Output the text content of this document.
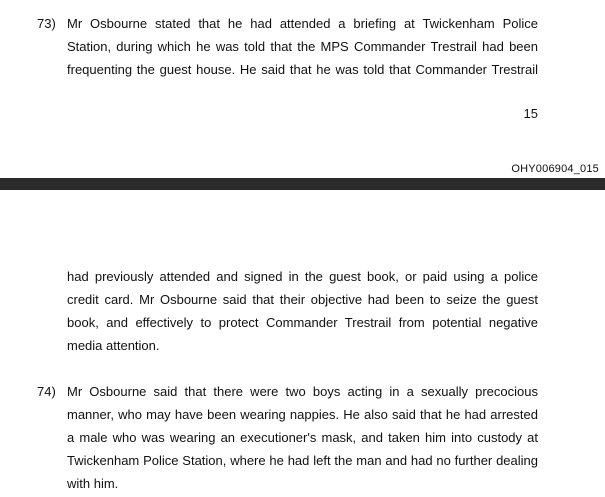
73) Mr Osbourne stated that he had attended a briefing at Twickenham Police
Station, during which he was told that the MPS Commander Trestrail had been
frequenting the guest house. He said that he was told that Commander Trestrail
15
OHY006904_015
had previously attended and signed in the guest book, or paid using a police
credit card. Mr Osbourne said that their objective had been to seize the guest
book, and effectively to protect Commander Trestrail from potential negative
media attention.
74) Mr Osbourne said that there were two boys acting in a sexually precocious
manner, who may have been wearing nappies. He also said that he had arrested
a male who was wearing an executioner's mask, and taken him into custody at
Twickenham Police Station, where he had left the man and had no further dealing
with him.
